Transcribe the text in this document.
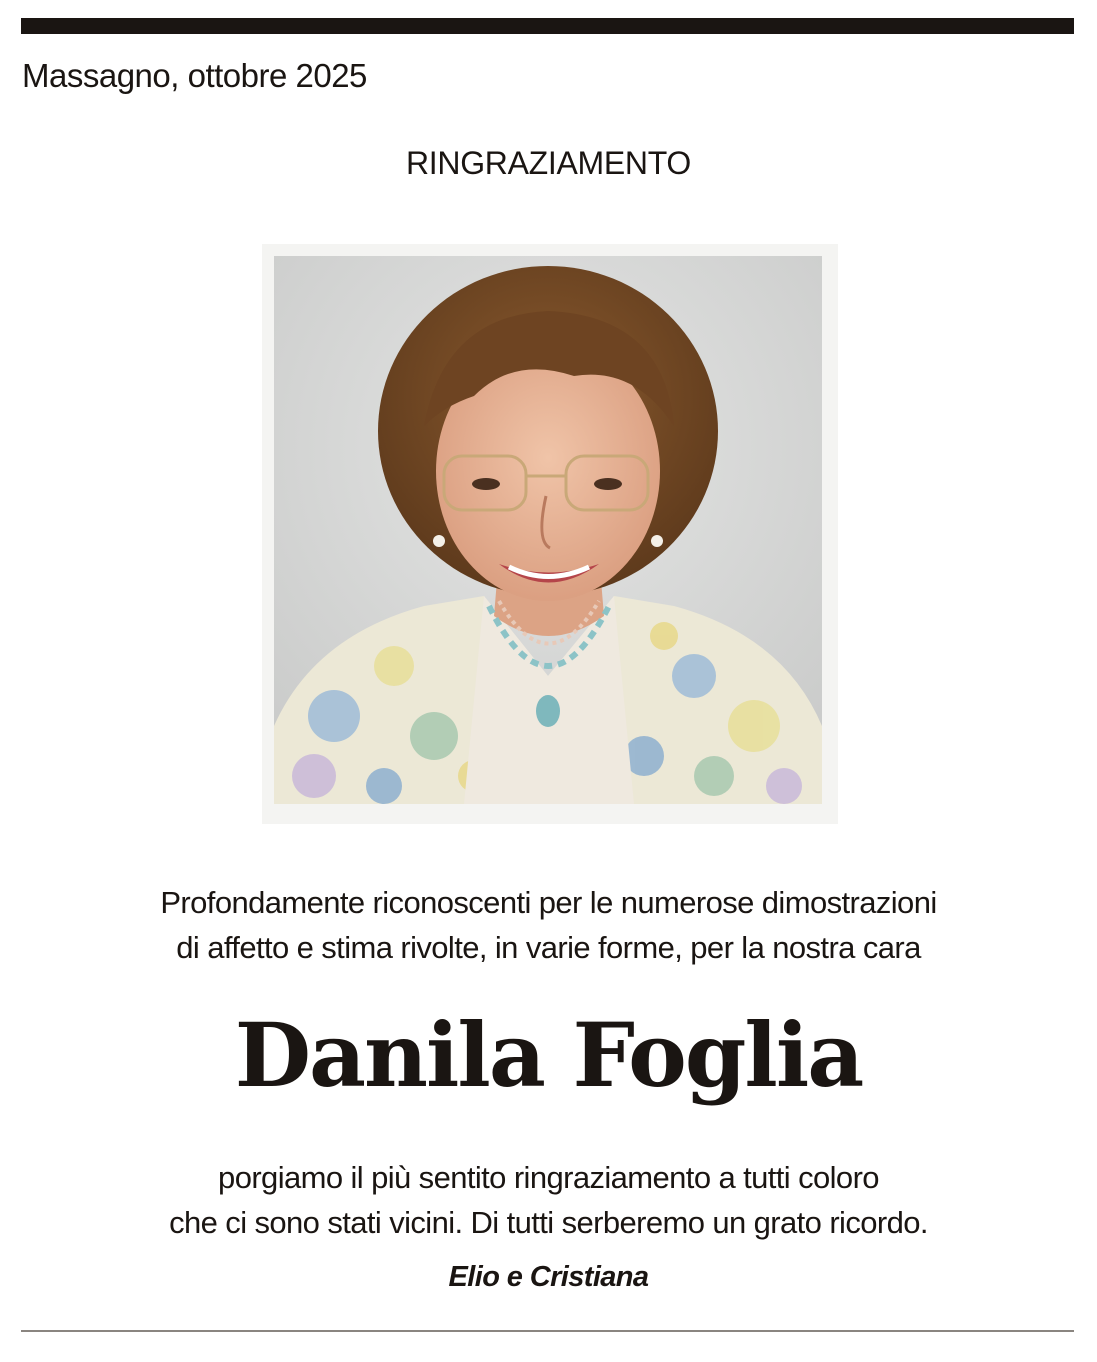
Massagno, ottobre 2025
RINGRAZIAMENTO
Profondamente riconoscenti per le numerose dimostrazioni
di affetto e stima rivolte, in varie forme, per la nostra cara
Danila Foglia
porgiamo il più sentito ringraziamento a tutti coloro
che ci sono stati vicini. Di tutti serberemo un grato ricordo.
Elio e Cristiana
